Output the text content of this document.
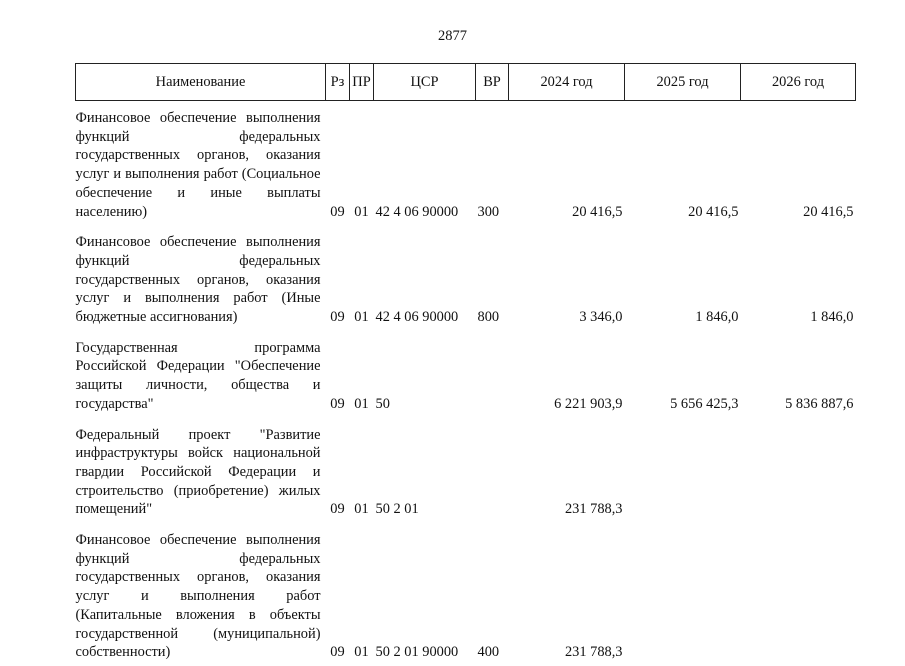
2877
Наименование	Рз	ПР	ЦСР	ВР	2024 год	2025 год	2026 год
Финансовое обеспечение выполнения функций федеральных государственных органов, оказания услуг и выполнения работ (Социальное обеспечение и иные выплаты населению)	09	01	42 4 06 90000	300	20 416,5	20 416,5	20 416,5
Финансовое обеспечение выполнения функций федеральных государственных органов, оказания услуг и выполнения работ (Иные бюджетные ассигнования)	09	01	42 4 06 90000	800	3 346,0	1 846,0	1 846,0
Государственная программа Российской Федерации "Обеспечение защиты личности, общества и государства"	09	01	50		6 221 903,9	5 656 425,3	5 836 887,6
Федеральный проект "Развитие инфраструктуры войск национальной гвардии Российской Федерации и строительство (приобретение) жилых помещений"	09	01	50 2 01		231 788,3		
Финансовое обеспечение выполнения функций федеральных государственных органов, оказания услуг и выполнения работ (Капитальные вложения в объекты государственной (муниципальной) собственности)	09	01	50 2 01 90000	400	231 788,3		
